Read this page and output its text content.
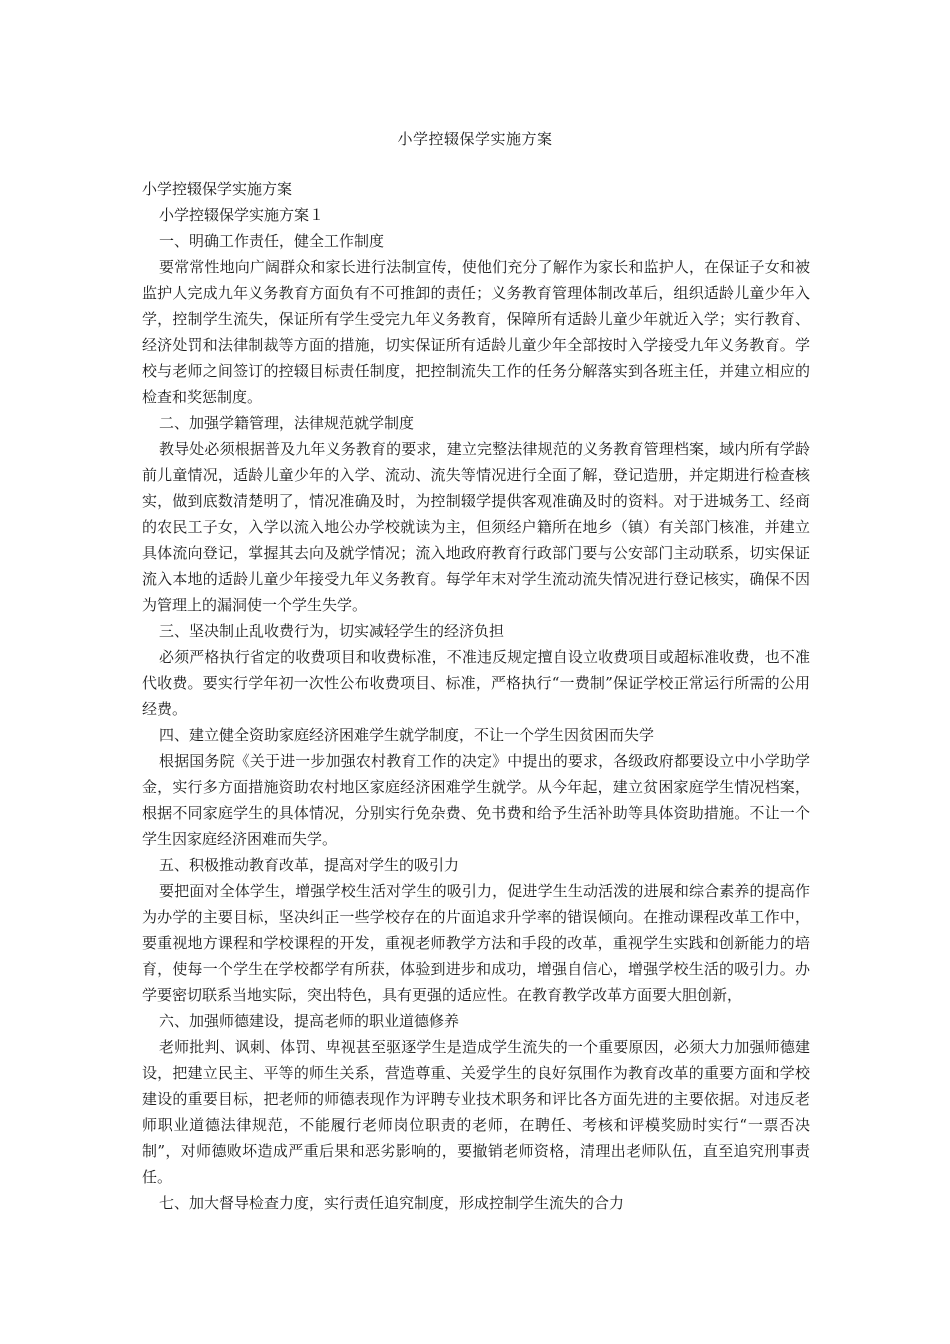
小学控辍保学实施方案

小学控辍保学实施方案

小学控辍保学实施方案１

一、明确工作责任，健全工作制度

要常常性地向广阔群众和家长进行法制宣传，使他们充分了解作为家长和监护人，在保证子女和被监护人完成九年义务教育方面负有不可推卸的责任；义务教育管理体制改革后，组织适龄儿童少年入学，控制学生流失，保证所有学生受完九年义务教育，保障所有适龄儿童少年就近入学；实行教育、经济处罚和法律制裁等方面的措施，切实保证所有适龄儿童少年全部按时入学接受九年义务教育。学校与老师之间签订的控辍目标责任制度，把控制流失工作的任务分解落实到各班主任，并建立相应的检查和奖惩制度。

二、加强学籍管理，法律规范就学制度

教导处必须根据普及九年义务教育的要求，建立完整法律规范的义务教育管理档案，域内所有学龄前儿童情况，适龄儿童少年的入学、流动、流失等情况进行全面了解，登记造册，并定期进行检查核实，做到底数清楚明了，情况准确及时，为控制辍学提供客观准确及时的资料。对于进城务工、经商的农民工子女，入学以流入地公办学校就读为主，但须经户籍所在地乡（镇）有关部门核准，并建立具体流向登记，掌握其去向及就学情况；流入地政府教育行政部门要与公安部门主动联系，切实保证流入本地的适龄儿童少年接受九年义务教育。每学年末对学生流动流失情况进行登记核实，确保不因为管理上的漏洞使一个学生失学。

三、坚决制止乱收费行为，切实减轻学生的经济负担

必须严格执行省定的收费项目和收费标准，不准违反规定擅自设立收费项目或超标准收费，也不准代收费。要实行学年初一次性公布收费项目、标准，严格执行“一费制”保证学校正常运行所需的公用经费。

四、建立健全资助家庭经济困难学生就学制度，不让一个学生因贫困而失学

根据国务院《关于进一步加强农村教育工作的决定》中提出的要求，各级政府都要设立中小学助学金，实行多方面措施资助农村地区家庭经济困难学生就学。从今年起，建立贫困家庭学生情况档案，根据不同家庭学生的具体情况，分别实行免杂费、免书费和给予生活补助等具体资助措施。不让一个学生因家庭经济困难而失学。

五、积极推动教育改革，提高对学生的吸引力

要把面对全体学生，增强学校生活对学生的吸引力，促进学生生动活泼的进展和综合素养的提高作为办学的主要目标，坚决纠正一些学校存在的片面追求升学率的错误倾向。在推动课程改革工作中，要重视地方课程和学校课程的开发，重视老师教学方法和手段的改革，重视学生实践和创新能力的培育，使每一个学生在学校都学有所获，体验到进步和成功，增强自信心，增强学校生活的吸引力。办学要密切联系当地实际，突出特色，具有更强的适应性。在教育教学改革方面要大胆创新，

六、加强师德建设，提高老师的职业道德修养

老师批判、讽刺、体罚、卑视甚至驱逐学生是造成学生流失的一个重要原因，必须大力加强师德建设，把建立民主、平等的师生关系，营造尊重、关爱学生的良好氛围作为教育改革的重要方面和学校建设的重要目标，把老师的师德表现作为评聘专业技术职务和评比各方面先进的主要依据。对违反老师职业道德法律规范，不能履行老师岗位职责的老师，在聘任、考核和评模奖励时实行“一票否决制”，对师德败坏造成严重后果和恶劣影响的，要撤销老师资格，清理出老师队伍，直至追究刑事责任。

七、加大督导检查力度，实行责任追究制度，形成控制学生流失的合力
